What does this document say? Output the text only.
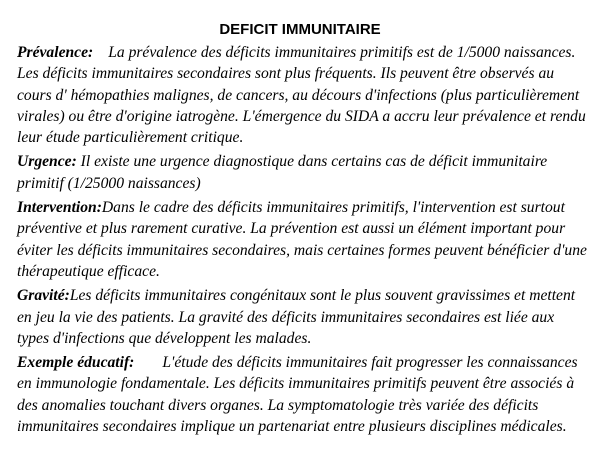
DEFICIT IMMUNITAIRE

Prévalence: La prévalence des déficits immunitaires primitifs est de 1/5000 naissances. Les déficits immunitaires secondaires sont plus fréquents. Ils peuvent être observés au cours d' hémopathies malignes, de cancers, au décours d'infections (plus particulièrement virales) ou être d'origine iatrogène. L'émergence du SIDA a accru leur prévalence et rendu leur étude particulièrement critique.

Urgence: Il existe une urgence diagnostique dans certains cas de déficit immunitaire primitif (1/25000 naissances)

Intervention:Dans le cadre des déficits immunitaires primitifs, l'intervention est surtout préventive et plus rarement curative. La prévention est aussi un élément important pour éviter les déficits immunitaires secondaires, mais certaines formes peuvent bénéficier d'une thérapeutique efficace.

Gravité:Les déficits immunitaires congénitaux sont le plus souvent gravissimes et mettent en jeu la vie des patients. La gravité des déficits immunitaires secondaires est liée aux types d'infections que développent les malades.

Exemple éducatif: L'étude des déficits immunitaires fait progresser les connaissances en immunologie fondamentale. Les déficits immunitaires primitifs peuvent être associés à des anomalies touchant divers organes. La symptomatologie très variée des déficits immunitaires secondaires implique un partenariat entre plusieurs disciplines médicales.
